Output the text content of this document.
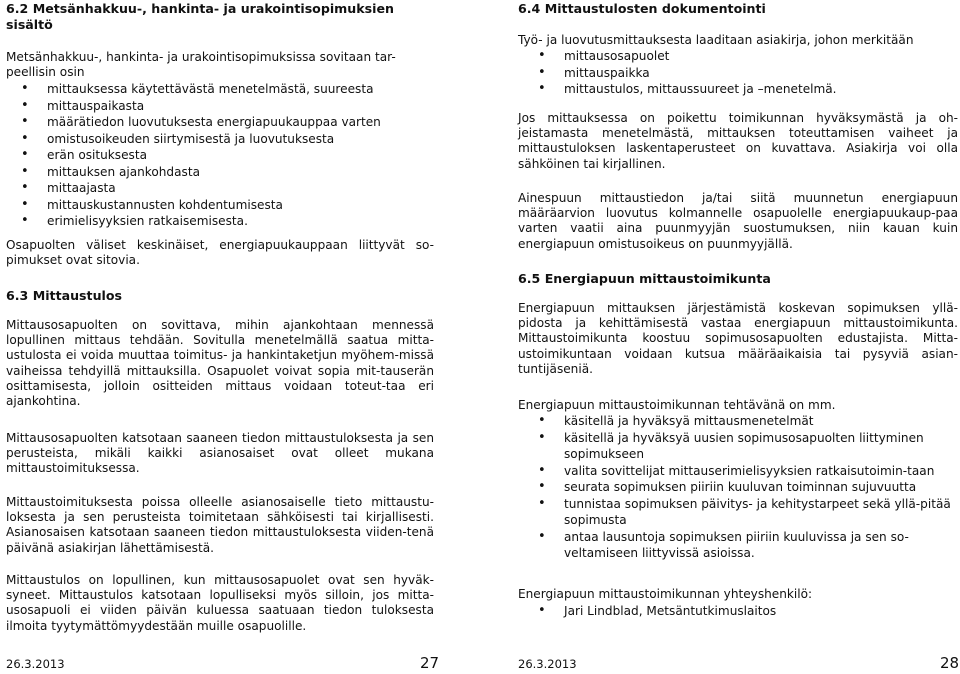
6.2 Metsänhakkuu-, hankinta- ja urakointisopimuksien sisältö

Metsänhakkuu-, hankinta- ja urakointisopimuksissa sovitaan tar-peellisin osin

• mittauksessa käytettävästä menetelmästä, suureesta
• mittauspaikasta
• määrätiedon luovutuksesta energiapuukauppaa varten
• omistusoikeuden siirtymisestä ja luovutuksesta
• erän osituksesta
• mittauksen ajankohdasta
• mittaajasta
• mittauskustannusten kohdentumisesta
• erimielisyyksien ratkaisemisesta.

Osapuolten väliset keskinäiset, energiapuukauppaan liittyvät so-pimukset ovat sitovia.

6.3 Mittaustulos

Mittausosapuolten on sovittava, mihin ajankohtaan mennessä lopullinen mittaus tehdään. Sovitulla menetelmällä saatua mitta-ustulosta ei voida muuttaa toimitus- ja hankintaketjun myöhem-missä vaiheissa tehdyillä mittauksilla. Osapuolet voivat sopia mit-tauserän osittamisesta, jolloin ositteiden mittaus voidaan toteut-taa eri ajankohtina.

Mittausosapuolten katsotaan saaneen tiedon mittaustuloksesta ja sen perusteista, mikäli kaikki asianosaiset ovat olleet mukana mittaustoimituksessa.

Mittaustoimituksesta poissa olleelle asianosaiselle tieto mittaustu-loksesta ja sen perusteista toimitetaan sähköisesti tai kirjallisesti. Asianosaisen katsotaan saaneen tiedon mittaustuloksesta viiden-tenä päivänä asiakirjan lähettämisestä.

Mittaustulos on lopullinen, kun mittausosapuolet ovat sen hyväk-syneet. Mittaustulos katsotaan lopulliseksi myös silloin, jos mitta-usosapuoli ei viiden päivän kuluessa saatuaan tiedon tuloksesta ilmoita tyytymättömyydestään muille osapuolille.

26.3.2013	27
6.4 Mittaustulosten dokumentointi

Työ- ja luovutusmittauksesta laaditaan asiakirja, johon merkitään

• mittausosapuolet
• mittauspaikka
• mittaustulos, mittaussuureet ja –menetelmä.

Jos mittauksessa on poikettu toimikunnan hyväksymästä ja oh-jeistamasta menetelmästä, mittauksen toteuttamisen vaiheet ja mittaustuloksen laskentaperusteet on kuvattava. Asiakirja voi olla sähköinen tai kirjallinen.

Ainespuun mittaustiedon ja/tai siitä muunnetun energiapuun määräarvion luovutus kolmannelle osapuolelle energiapuukaup-paa varten vaatii aina puunmyyjän suostumuksen, niin kauan kuin energiapuun omistusoikeus on puunmyyjällä.

6.5 Energiapuun mittaustoimikunta

Energiapuun mittauksen järjestämistä koskevan sopimuksen yllä-pidosta ja kehittämisestä vastaa energiapuun mittaustoimikunta. Mittaustoimikunta koostuu sopimusosapuolten edustajista. Mitta-ustoimikuntaan voidaan kutsua määräaikaisia tai pysyviä asian-tuntijäseniä.

Energiapuun mittaustoimikunnan tehtävänä on mm.

• käsitellä ja hyväksyä mittausmenetelmät
• käsitellä ja hyväksyä uusien sopimusosapuolten liittyminen sopimukseen
• valita sovittelijat mittauserimielisyyksien ratkaisutoimin-taan
• seurata sopimuksen piiriin kuuluvan toiminnan sujuvuutta
• tunnistaa sopimuksen päivitys- ja kehitystarpeet sekä yllä-pitää sopimusta
• antaa lausuntoja sopimuksen piiriin kuuluvissa ja sen so-veltamiseen liittyvissä asioissa.

Energiapuun mittaustoimikunnan yhteyshenkilö:

• Jari Lindblad, Metsäntutkimuslaitos
26.3.2013	28
